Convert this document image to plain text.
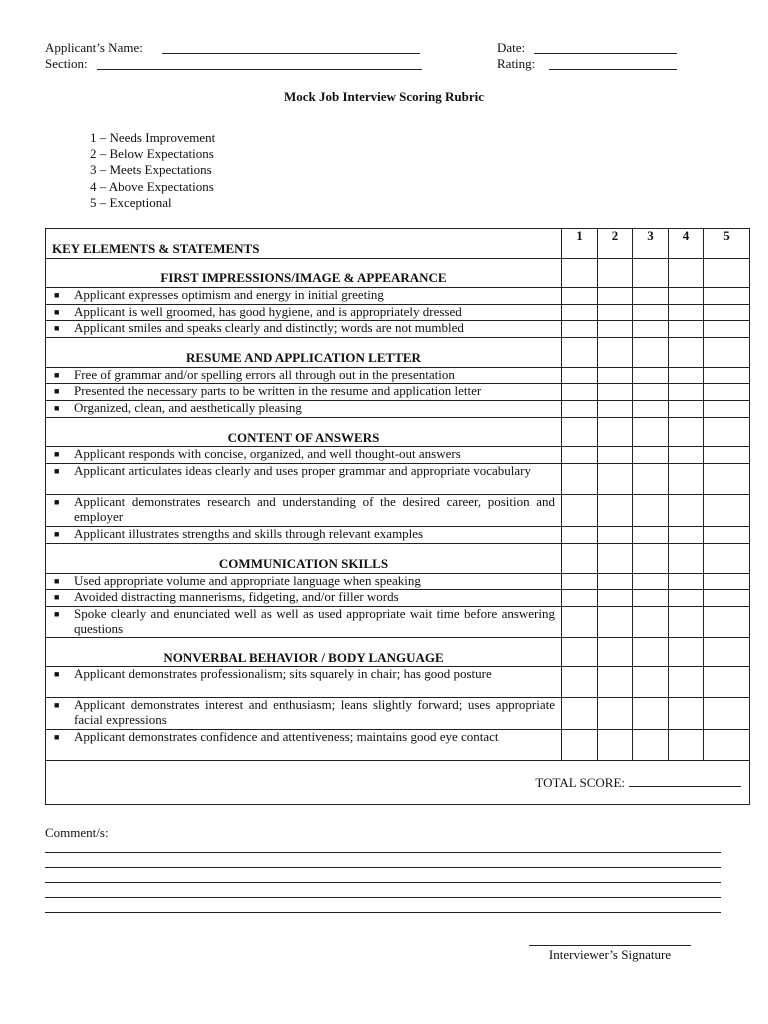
Applicant’s Name:
Section:
Date:
Rating:
Mock Job Interview Scoring Rubric
1 – Needs Improvement
2 – Below Expectations
3 – Meets Expectations
4 – Above Expectations
5 – Exceptional
KEY ELEMENTS & STATEMENTS	1	2	3	4	5
FIRST IMPRESSIONS/IMAGE & APPEARANCE					

■ Applicant expresses optimism and energy in initial greeting					

■ Applicant is well groomed, has good hygiene, and is appropriately dressed					

■ Applicant smiles and speaks clearly and distinctly; words are not mumbled					
RESUME AND APPLICATION LETTER					

■ Free of grammar and/or spelling errors all through out in the presentation					

■ Presented the necessary parts to be written in the resume and application letter					

■ Organized, clean, and aesthetically pleasing					
CONTENT OF ANSWERS					

■ Applicant responds with concise, organized, and well thought-out answers					

■ Applicant articulates ideas clearly and uses proper grammar and appropriate vocabulary					

■ Applicant demonstrates research and understanding of the desired career, position and employer					

■ Applicant illustrates strengths and skills through relevant examples					
COMMUNICATION SKILLS					

■ Used appropriate volume and appropriate language when speaking					

■ Avoided distracting mannerisms, fidgeting, and/or filler words					

■ Spoke clearly and enunciated well as well as used appropriate wait time before answering questions					
NONVERBAL BEHAVIOR / BODY LANGUAGE					

■ Applicant demonstrates professionalism; sits squarely in chair; has good posture					

■ Applicant demonstrates interest and enthusiasm; leans slightly forward; uses appropriate facial expressions					

■ Applicant demonstrates confidence and attentiveness; maintains good eye contact					
TOTAL SCORE:					
Comment/s:
Interviewer’s Signature
